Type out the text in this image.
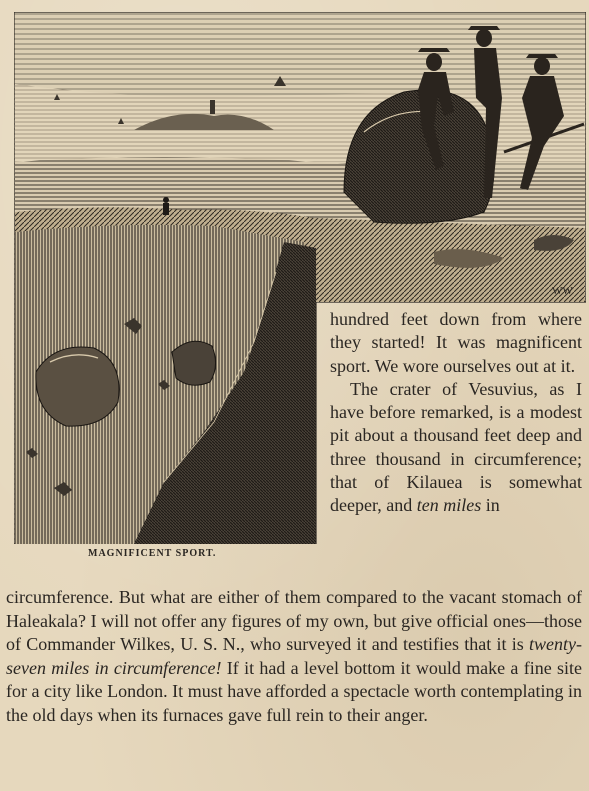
WW
MAGNIFICENT SPORT.

hundred feet down from where they started! It was magnificent sport. We wore ourselves out at it.

The crater of Vesuvius, as I have before remarked, is a modest pit about a thousand feet deep and three thousand in circumference; that of Kilauea is somewhat deeper, and ten miles in

circumference. But what are either of them compared to the vacant stomach of Haleakala? I will not offer any figures of my own, but give official ones—those of Commander Wilkes, U. S. N., who surveyed it and testifies that it is twenty-seven miles in circumference! If it had a level bottom it would make a fine site for a city like London. It must have afforded a spectacle worth contemplating in the old days when its furnaces gave full rein to their anger.
